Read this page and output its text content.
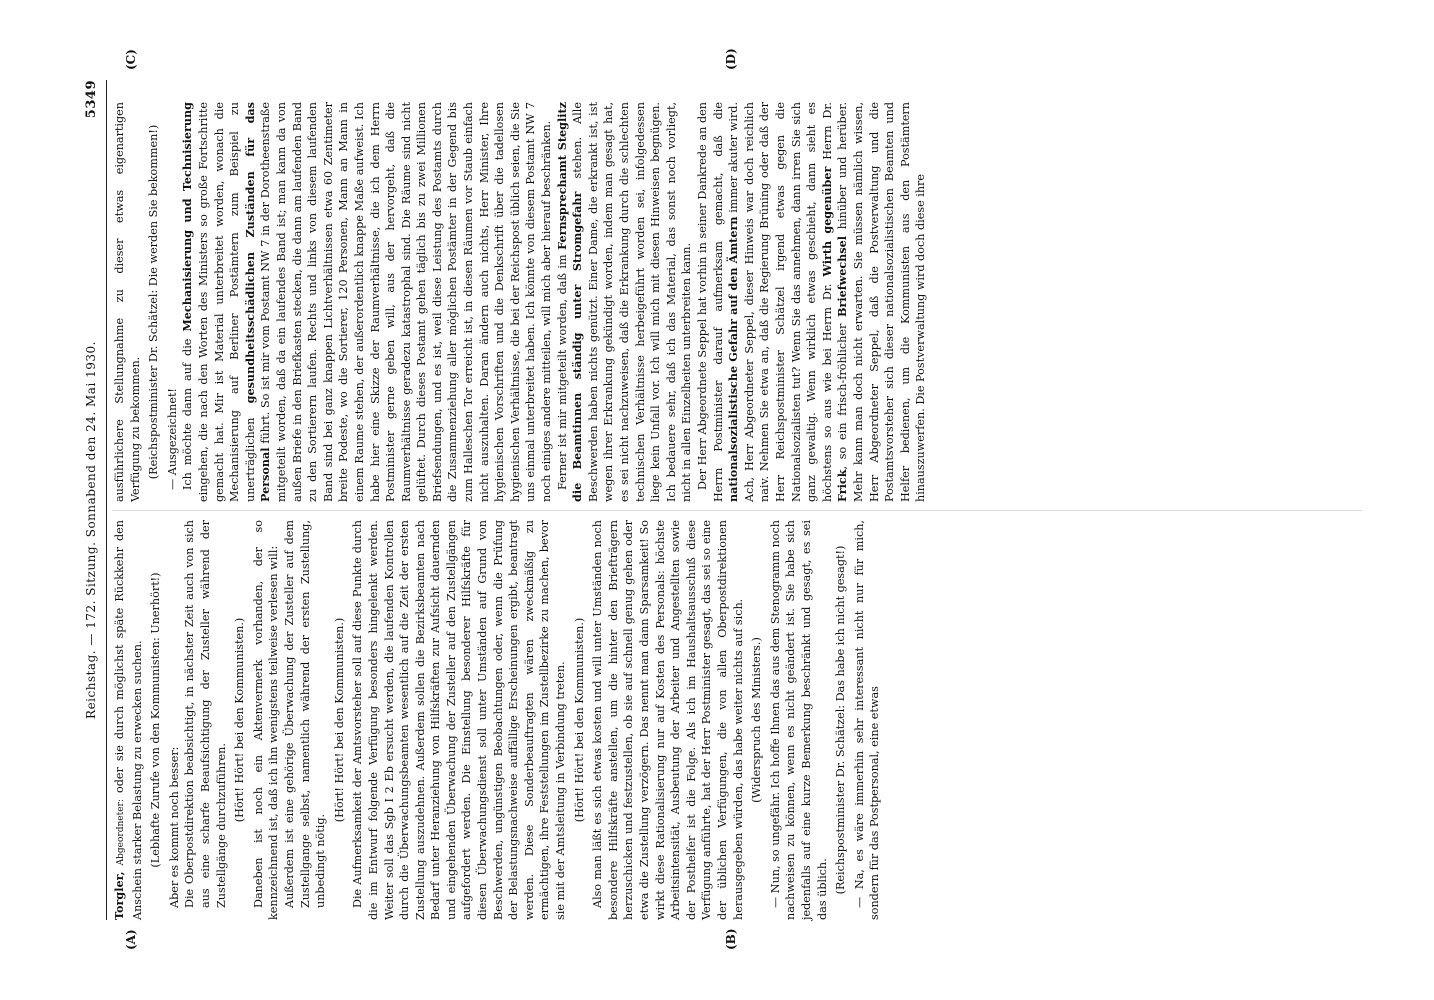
Reichstag. — 172. Sitzung. Sonnabend den 24. Mai 1930.
5349
(A)	(B)
(C)	(D)

Torgler, Abgeordneter: oder sie durch möglichst späte Rückkehr den Anschein starker Belastung zu erwecken suchen. (Lebhafte Zurufe von den Kommunisten: Unerhört!) Aber es kommt noch besser: Die Oberpostdirektion beabsichtigt, in nächster Zeit auch von sich aus eine scharfe Beaufsichtigung der Zusteller während der Zustellgänge durchzuführen.

(Hört! Hört! bei den Kommunisten.) Daneben ist noch ein Aktenvermerk vorhanden, der so kennzeichnend ist, daß ich ihn wenigstens teilweise verlesen will: Außerdem ist eine gehörige Überwachung der Zusteller auf dem Zustellgange selbst, namentlich während der ersten Zustellung, unbedingt nötig.

(Hört! Hört! bei den Kommunisten.) Die Aufmerksamkeit der Amtsvorsteher soll auf diese Punkte durch die im Entwurf folgende Verfügung besonders hingelenkt werden. Weiter soll das Sgb I 2 Eb ersucht werden, die laufenden Kontrollen durch die Überwachungsbeamten wesentlich auf die Zeit der ersten Zustellung auszudehnen. Außerdem sollen die Bezirksbeamten nach Bedarf unter Heranziehung von Hilfskräften zur Aufsicht dauernden und eingehenden Überwachung der Zusteller auf den Zustellgängen aufgefordert werden. Die Einstellung besonderer Hilfskräfte für diesen Überwachungsdienst soll unter Umständen auf Grund von Beschwerden, ungünstigen Beobachtungen oder, wenn die Prüfung der Belastungsnachweise auffällige Erscheinungen ergibt, beantragt werden. Diese Sonderbeauftragten wären zweckmäßig zu ermächtigen, ihre Feststellungen im Zustellbezirke zu machen, bevor sie mit der Amtsleitung in Verbindung treten. (Hört! Hört! bei den Kommunisten.) Also man läßt es sich etwas kosten und will unter Umständen noch besondere Hilfskräfte anstellen, um die hinter den Briefträgern herzuschicken und festzustellen, ob sie auf schnell genug gehen oder etwa die Zustellung verzögern. Das nennt man dann Sparsamkeit! So wirkt diese Rationalisierung nur auf Kosten des Personals: höchste Arbeitsintensität, Ausbeutung der Arbeiter und Angestellten sowie der Posthelfer ist die Folge. Als ich im Haushaltsausschuß diese Verfügung anführte, hat der Herr Postminister gesagt, das sei so eine der üblichen Verfügungen, die von allen Oberpostdirektionen herausgegeben würden, das habe weiter nichts auf sich. (Widerspruch des Ministers.) — Nun, so ungefähr. Ich hoffe Ihnen das aus dem Stenogramm noch nachweisen zu können, wenn es nicht geändert ist. Sie habe sich jedenfalls auf eine kurze Bemerkung beschränkt und gesagt, es sei das üblich. (Reichspostminister Dr. Schätzel: Das habe ich nicht gesagt!) — Na, es wäre immerhin sehr interessant nicht nur für mich, sondern für das Postpersonal, eine etwas

ausführlichere Stellungnahme zu dieser etwas eigenartigen Verfügung zu bekommen. (Reichspostminister Dr. Schätzel: Die werden Sie bekommen!) — Ausgezeichnet! Ich möchte dann auf die Mechanisierung und Technisierung eingehen, die nach den Worten des Ministers so große Fortschritte gemacht hat. Mir ist Material unterbreitet worden, wonach die Mechanisierung auf Berliner Postämtern zum Beispiel zu unerträglichen gesundheitsschädlichen Zuständen für das Personal führt. So ist mir vom Postamt NW 7 in der Dorotheenstraße mitgeteilt worden, daß da ein laufendes Band ist; man kann da von außen Briefe in den Briefkasten stecken, die dann am laufenden Band zu den Sortierern laufen. Rechts und links von diesem laufenden Band sind bei ganz knappen Lichtverhältnissen etwa 60 Zentimeter breite Podeste, wo die Sortierer, 120 Personen, Mann an Mann in einem Raume stehen, der außerordentlich knappe Maße aufweist. Ich habe hier eine Skizze der Raumverhältnisse, die ich dem Herrn Postminister gerne geben will, aus der hervorgeht, daß die Raumverhältnisse geradezu katastrophal sind. Die Räume sind nicht gelüftet. Durch dieses Postamt gehen täglich bis zu zwei Millionen Briefsendungen, und es ist, weil diese Leistung des Postamts durch die Zusammenziehung aller möglichen Postämter in der Gegend bis zum Halleschen Tor erreicht ist, in diesen Räumen vor Staub einfach nicht auszuhalten. Daran ändern auch nichts, Herr Minister, Ihre hygienischen Vorschriften und die Denkschrift über die tadellosen hygienischen Verhältnisse, die bei der Reichspost üblich seien, die Sie uns einmal unterbreitet haben. Ich könnte von diesem Postamt NW 7 noch einiges andere mitteilen, will mich aber hierauf beschränken. Ferner ist mir mitgeteilt worden, daß im Fernsprechamt Steglitz die Beamtinnen ständig unter Stromgefahr stehen. Alle Beschwerden haben nichts genützt. Einer Dame, die erkrankt ist, ist wegen ihrer Erkrankung gekündigt worden, indem man gesagt hat, es sei nicht nachzuweisen, daß die Erkrankung durch die schlechten technischen Verhältnisse herbeigeführt worden sei, infolgedessen liege kein Unfall vor. Ich will mich mit diesen Hinweisen begnügen. Ich bedauere sehr, daß ich das Material, das sonst noch vorliegt, nicht in allen Einzelheiten unterbreiten kann. Der Herr Abgeordnete Seppel hat vorhin in seiner Dankrede an den Herrn Postminister darauf aufmerksam gemacht, daß die nationalsozialistische Gefahr auf den Ämtern immer akuter wird. Ach, Herr Abgeordneter Seppel, dieser Hinweis war doch reichlich naiv. Nehmen Sie etwa an, daß die Regierung Brüning oder daß der Herr Reichspostminister Schätzel irgend etwas gegen die Nationalsozialisten tut? Wenn Sie das annehmen, dann irren Sie sich ganz gewaltig. Wenn wirklich etwas geschieht, dann sieht es höchstens so aus wie bei Herrn Dr. Wirth gegenüber Herrn Dr. Frick, so ein frisch-fröhlicher Briefwechsel hinüber und herüber. Mehr kann man doch nicht erwarten. Sie müssen nämlich wissen, Herr Abgeordneter Seppel, daß die Postverwaltung und die Postamtsvorsteher sich dieser nationalsozialistischen Beamten und Helfer bedienen, um die Kommunisten aus den Postämtern hinauszuwerfen. Die Postverwaltung wird doch diese ihre
